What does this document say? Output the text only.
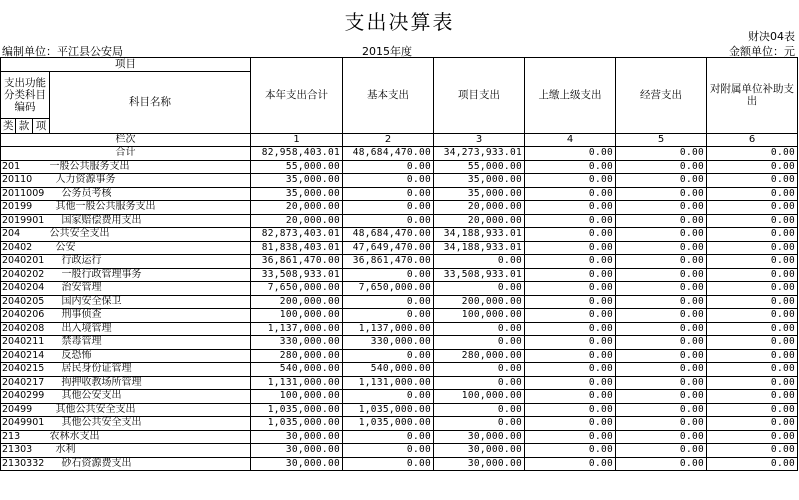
支出决算表
财决04表
编制单位：平江县公安局	2015年度	金额单位：元
项目				本年支出合计	基本支出	项目支出	上缴上级支出	经营支出	对附属单位补助支出
支出功能分类科目编码			科目名称						
类	款	项							
栏次				1	2	3	4	5	6
合计				82,958,403.01	48,684,470.00	34,273,933.01	0.00	0.00	0.00
201			一般公共服务支出	55,000.00	0.00	55,000.00	0.00	0.00	0.00
20110			人力资源事务	35,000.00	0.00	35,000.00	0.00	0.00	0.00
2011009			公务员考核	35,000.00	0.00	35,000.00	0.00	0.00	0.00
20199			其他一般公共服务支出	20,000.00	0.00	20,000.00	0.00	0.00	0.00
2019901			国家赔偿费用支出	20,000.00	0.00	20,000.00	0.00	0.00	0.00
204			公共安全支出	82,873,403.01	48,684,470.00	34,188,933.01	0.00	0.00	0.00
20402			公安	81,838,403.01	47,649,470.00	34,188,933.01	0.00	0.00	0.00
2040201			行政运行	36,861,470.00	36,861,470.00	0.00	0.00	0.00	0.00
2040202			一般行政管理事务	33,508,933.01	0.00	33,508,933.01	0.00	0.00	0.00
2040204			治安管理	7,650,000.00	7,650,000.00	0.00	0.00	0.00	0.00
2040205			国内安全保卫	200,000.00	0.00	200,000.00	0.00	0.00	0.00
2040206			刑事侦查	100,000.00	0.00	100,000.00	0.00	0.00	0.00
2040208			出入境管理	1,137,000.00	1,137,000.00	0.00	0.00	0.00	0.00
2040211			禁毒管理	330,000.00	330,000.00	0.00	0.00	0.00	0.00
2040214			反恐怖	280,000.00	0.00	280,000.00	0.00	0.00	0.00
2040215			居民身份证管理	540,000.00	540,000.00	0.00	0.00	0.00	0.00
2040217			拘押收教场所管理	1,131,000.00	1,131,000.00	0.00	0.00	0.00	0.00
2040299			其他公安支出	100,000.00	0.00	100,000.00	0.00	0.00	0.00
20499			其他公共安全支出	1,035,000.00	1,035,000.00	0.00	0.00	0.00	0.00
2049901			其他公共安全支出	1,035,000.00	1,035,000.00	0.00	0.00	0.00	0.00
213			农林水支出	30,000.00	0.00	30,000.00	0.00	0.00	0.00
21303			水利	30,000.00	0.00	30,000.00	0.00	0.00	0.00
2130332			砂石资源费支出	30,000.00	0.00	30,000.00	0.00	0.00	0.00
